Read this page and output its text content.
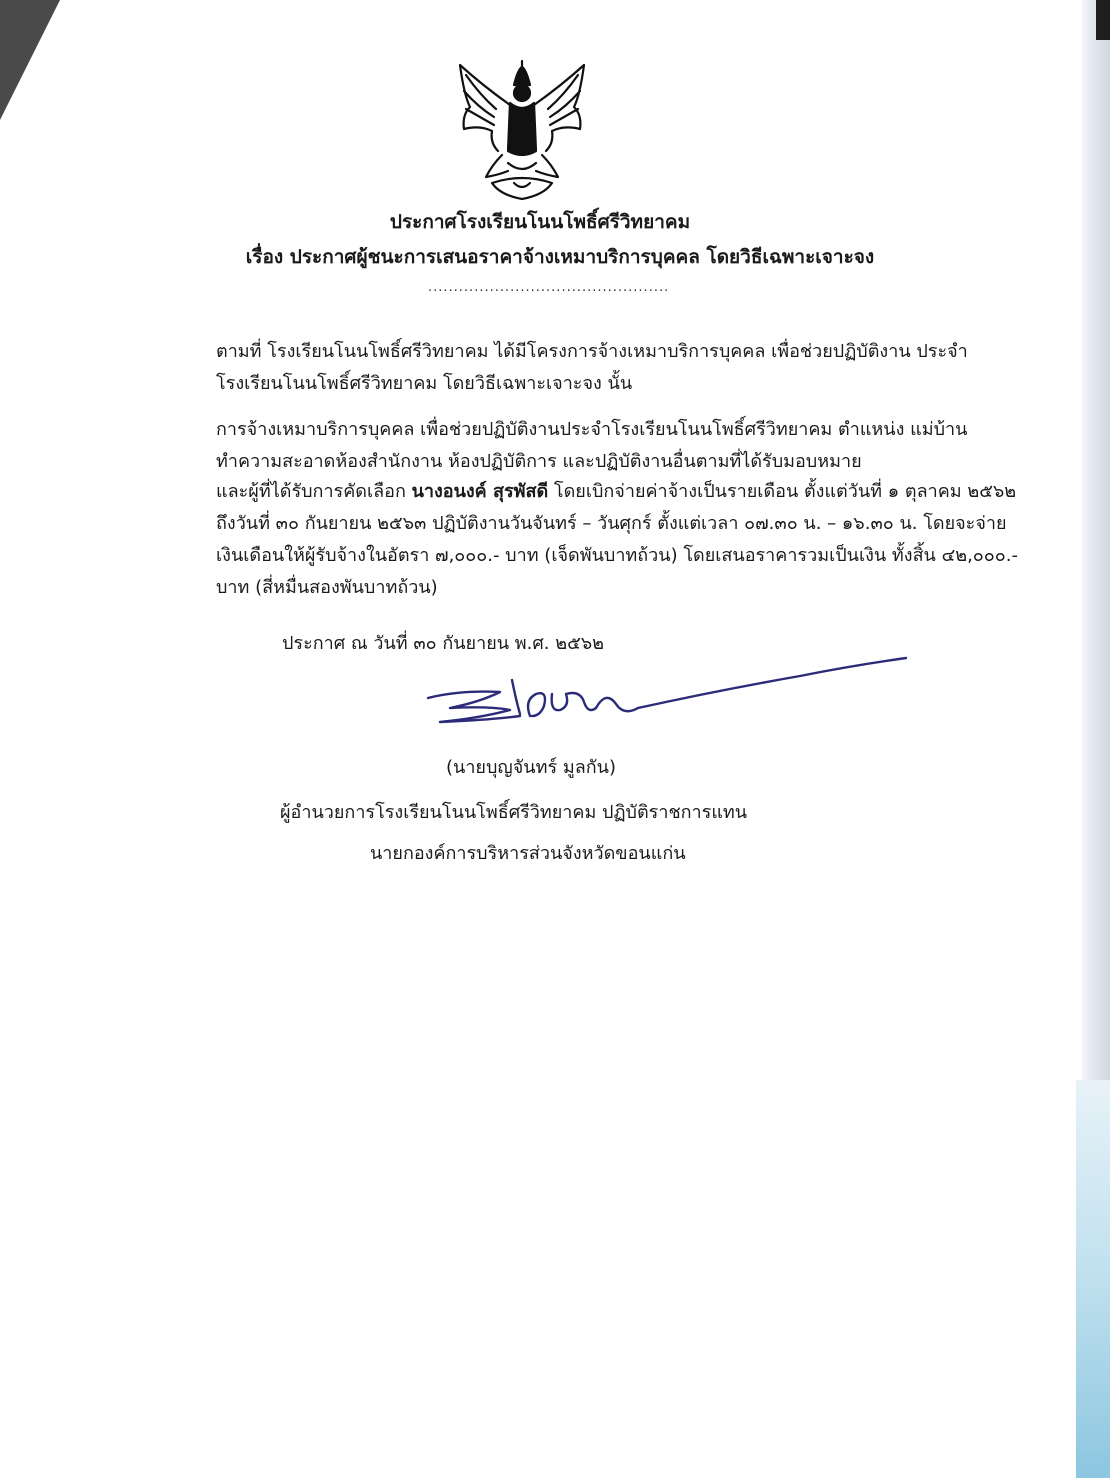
ประกาศโรงเรียนโนนโพธิ์ศรีวิทยาคม
เรื่อง ประกาศผู้ชนะการเสนอราคาจ้างเหมาบริการบุคคล โดยวิธีเฉพาะเจาะจง
...............................................
ตามที่ โรงเรียนโนนโพธิ์ศรีวิทยาคม ได้มีโครงการจ้างเหมาบริการบุคคล เพื่อช่วยปฏิบัติงาน ประจำโรงเรียนโนนโพธิ์ศรีวิทยาคม โดยวิธีเฉพาะเจาะจง นั้น
การจ้างเหมาบริการบุคคล เพื่อช่วยปฏิบัติงานประจำโรงเรียนโนนโพธิ์ศรีวิทยาคม ตำแหน่ง แม่บ้าน ทำความสะอาดห้องสำนักงาน ห้องปฏิบัติการ และปฏิบัติงานอื่นตามที่ได้รับมอบหมาย
และผู้ที่ได้รับการคัดเลือก นางอนงค์ สุรพัสดี โดยเบิกจ่ายค่าจ้างเป็นรายเดือน ตั้งแต่วันที่ ๑ ตุลาคม ๒๕๖๒ ถึงวันที่ ๓๐ กันยายน ๒๕๖๓ ปฏิบัติงานวันจันทร์ – วันศุกร์ ตั้งแต่เวลา ๐๗.๓๐ น. – ๑๖.๓๐ น. โดยจะจ่ายเงินเดือนให้ผู้รับจ้างในอัตรา ๗,๐๐๐.- บาท (เจ็ดพันบาทถ้วน) โดยเสนอราคารวมเป็นเงิน ทั้งสิ้น ๔๒,๐๐๐.- บาท (สี่หมื่นสองพันบาทถ้วน)
ประกาศ ณ วันที่ ๓๐ กันยายน พ.ศ. ๒๕๖๒
(นายบุญจันทร์ มูลกัน)
ผู้อำนวยการโรงเรียนโนนโพธิ์ศรีวิทยาคม ปฏิบัติราชการแทน
นายกองค์การบริหารส่วนจังหวัดขอนแก่น
